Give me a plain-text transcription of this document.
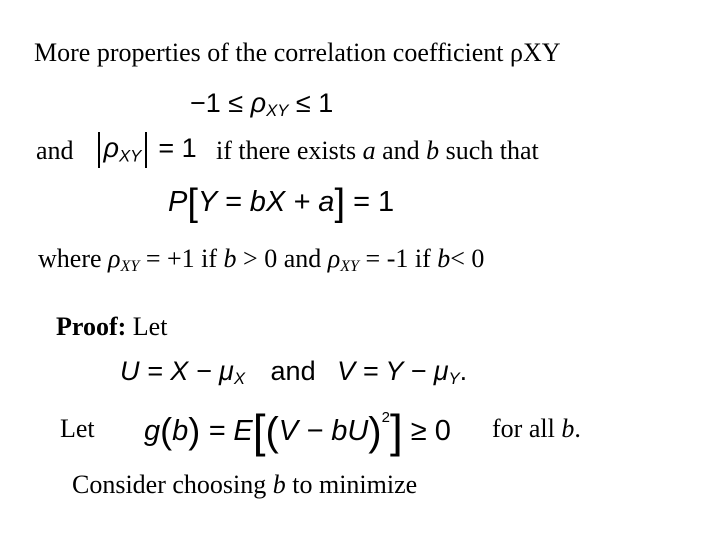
More properties of the correlation coefficient ρXY
$-1 \le \rho_{XY} \le 1$
and	$\rho_{XY} = 1$ if there exists a and b such that
P[Y = bX + a] = 1
where $\rho_{XY} = +1$ if b > 0 and $\rho_{XY} = -1$ if b< 0
Proof: Let
$U = X - \mu_X$ and $V = Y - \mu_Y$.
Let g(b) = E[(V − bU)$^2$] ≥ 0 for all b.
Consider choosing b to minimize
